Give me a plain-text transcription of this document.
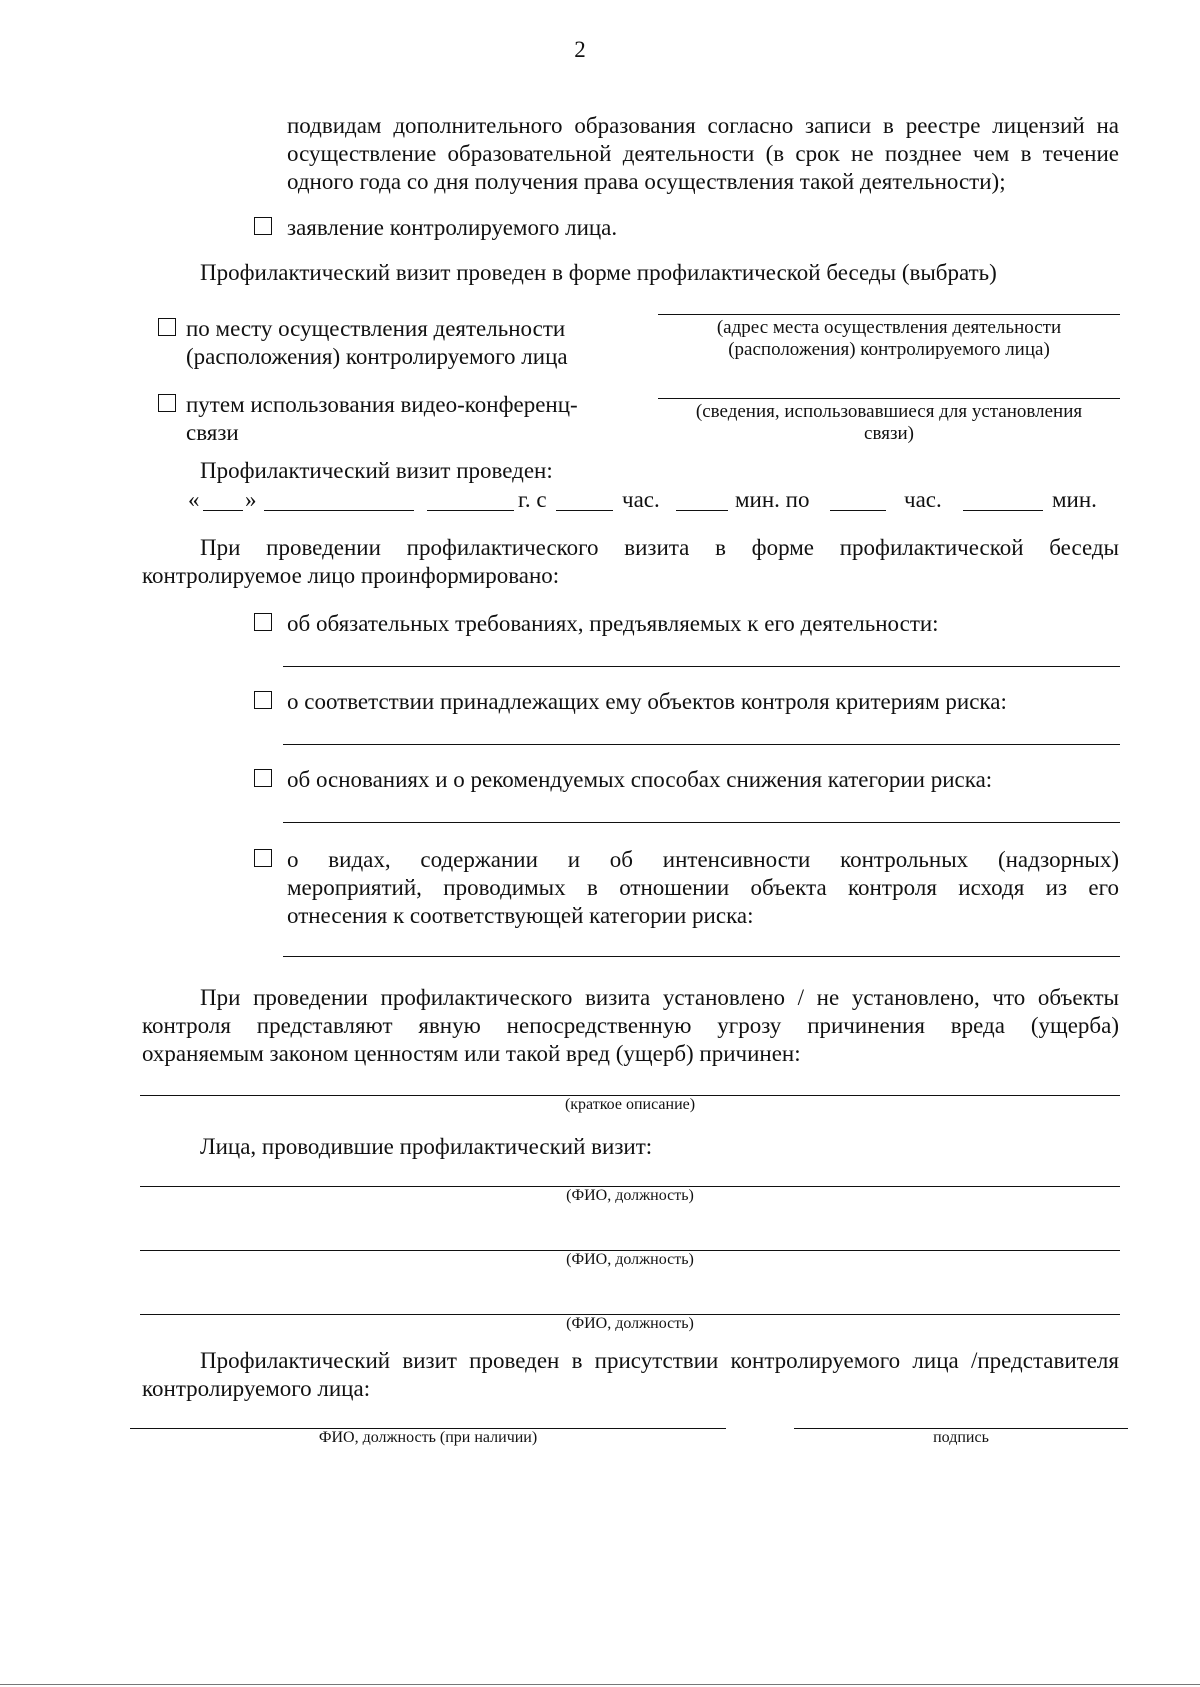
2
подвидам дополнительного образования согласно записи в реестре лицензий на
осуществление образовательной деятельности (в срок не позднее чем в течение
одного года со дня получения права осуществления такой деятельности);
заявление контролируемого лица.
Профилактический визит проведен в форме профилактической беседы (выбрать)
по месту осуществления деятельности
(расположения) контролируемого лица
(адрес места осуществления деятельности
(расположения) контролируемого лица)
путем использования видео-конференц-
связи
(сведения, использовавшиеся для установления
связи)
Профилактический визит проведен:
« »	г. с	час.	мин. по	час.	мин.
При проведении профилактического визита в форме профилактической беседы
контролируемое лицо проинформировано:
об обязательных требованиях, предъявляемых к его деятельности:
о соответствии принадлежащих ему объектов контроля критериям риска:
об основаниях и о рекомендуемых способах снижения категории риска:
о видах, содержании и об интенсивности контрольных (надзорных)
мероприятий, проводимых в отношении объекта контроля исходя из его
отнесения к соответствующей категории риска:
При проведении профилактического визита установлено / не установлено, что объекты
контроля представляют явную непосредственную угрозу причинения вреда (ущерба)
охраняемым законом ценностям или такой вред (ущерб) причинен:
(краткое описание)
Лица, проводившие профилактический визит:
(ФИО, должность)
(ФИО, должность)
(ФИО, должность)
Профилактический визит проведен в присутствии контролируемого лица /представителя
контролируемого лица:
ФИО, должность (при наличии)	подпись
